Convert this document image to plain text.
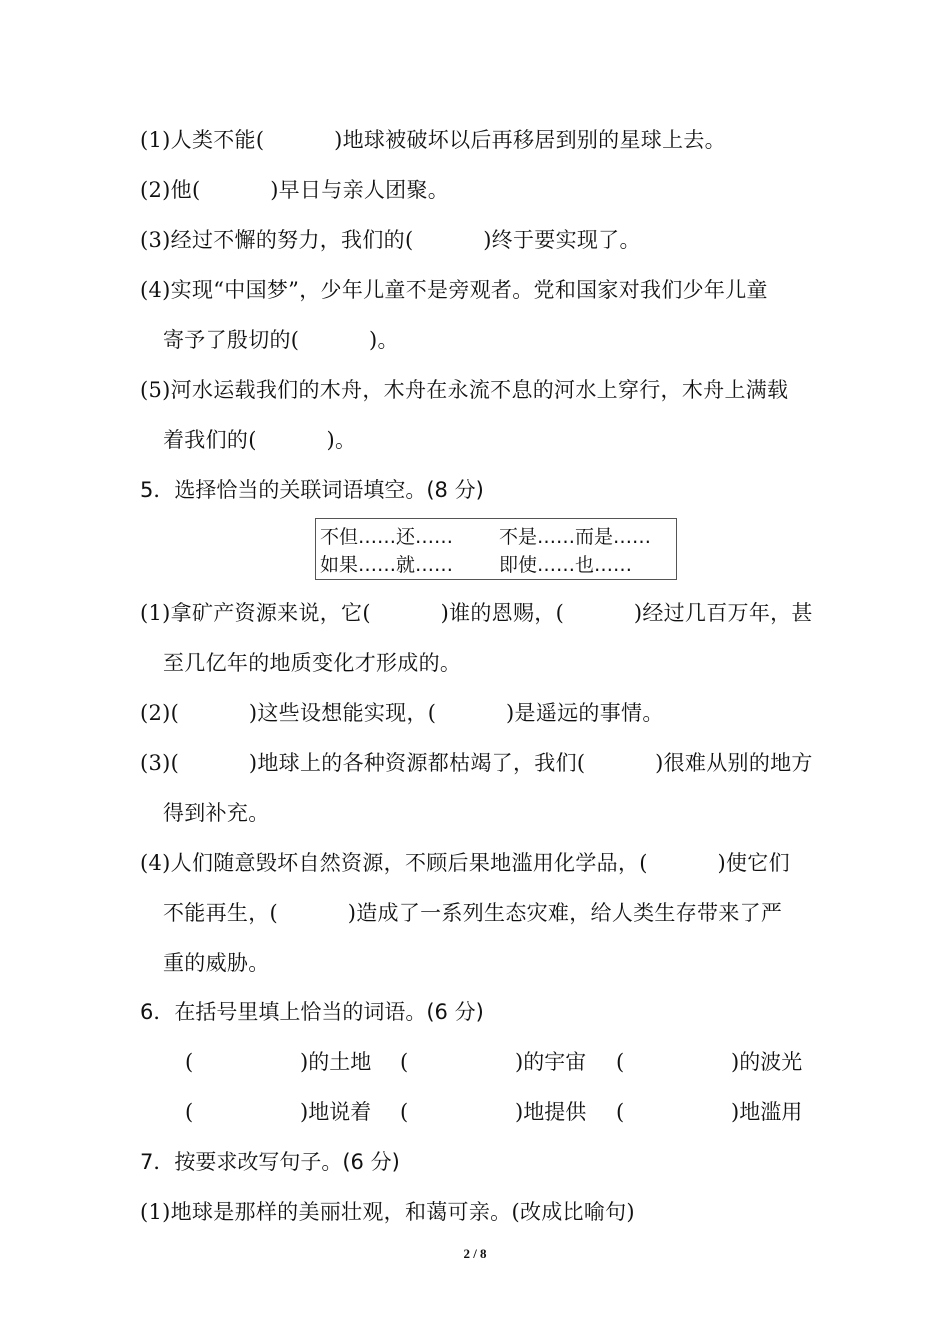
(1)人类不能(          )地球被破坏以后再移居到别的星球上去。
(2)他(          )早日与亲人团聚。
(3)经过不懈的努力，我们的(          )终于要实现了。
(4)实现“中国梦”，少年儿童不是旁观者。党和国家对我们少年儿童
寄予了殷切的(          )。
(5)河水运载我们的木舟，木舟在永流不息的河水上穿行，木舟上满载
着我们的(          )。
5．选择恰当的关联词语填空。(8 分)
不但……还…… 不是……而是……
如果……就…… 即使……也……
(1)拿矿产资源来说，它(          )谁的恩赐，(          )经过几百万年，甚
至几亿年的地质变化才形成的。
(2)(          )这些设想能实现，(          )是遥远的事情。
(3)(          )地球上的各种资源都枯竭了，我们(          )很难从别的地方
得到补充。
(4)人们随意毁坏自然资源，不顾后果地滥用化学品，(          )使它们
不能再生，(          )造成了一系列生态灾难，给人类生存带来了严
重的威胁。
6．在括号里填上恰当的词语。(6 分)
(                )的土地 (                )的宇宙 (                )的波光
(                )地说着 (                )地提供 (                )地滥用
7．按要求改写句子。(6 分)
(1)地球是那样的美丽壮观，和蔼可亲。(改成比喻句)
2 / 8
